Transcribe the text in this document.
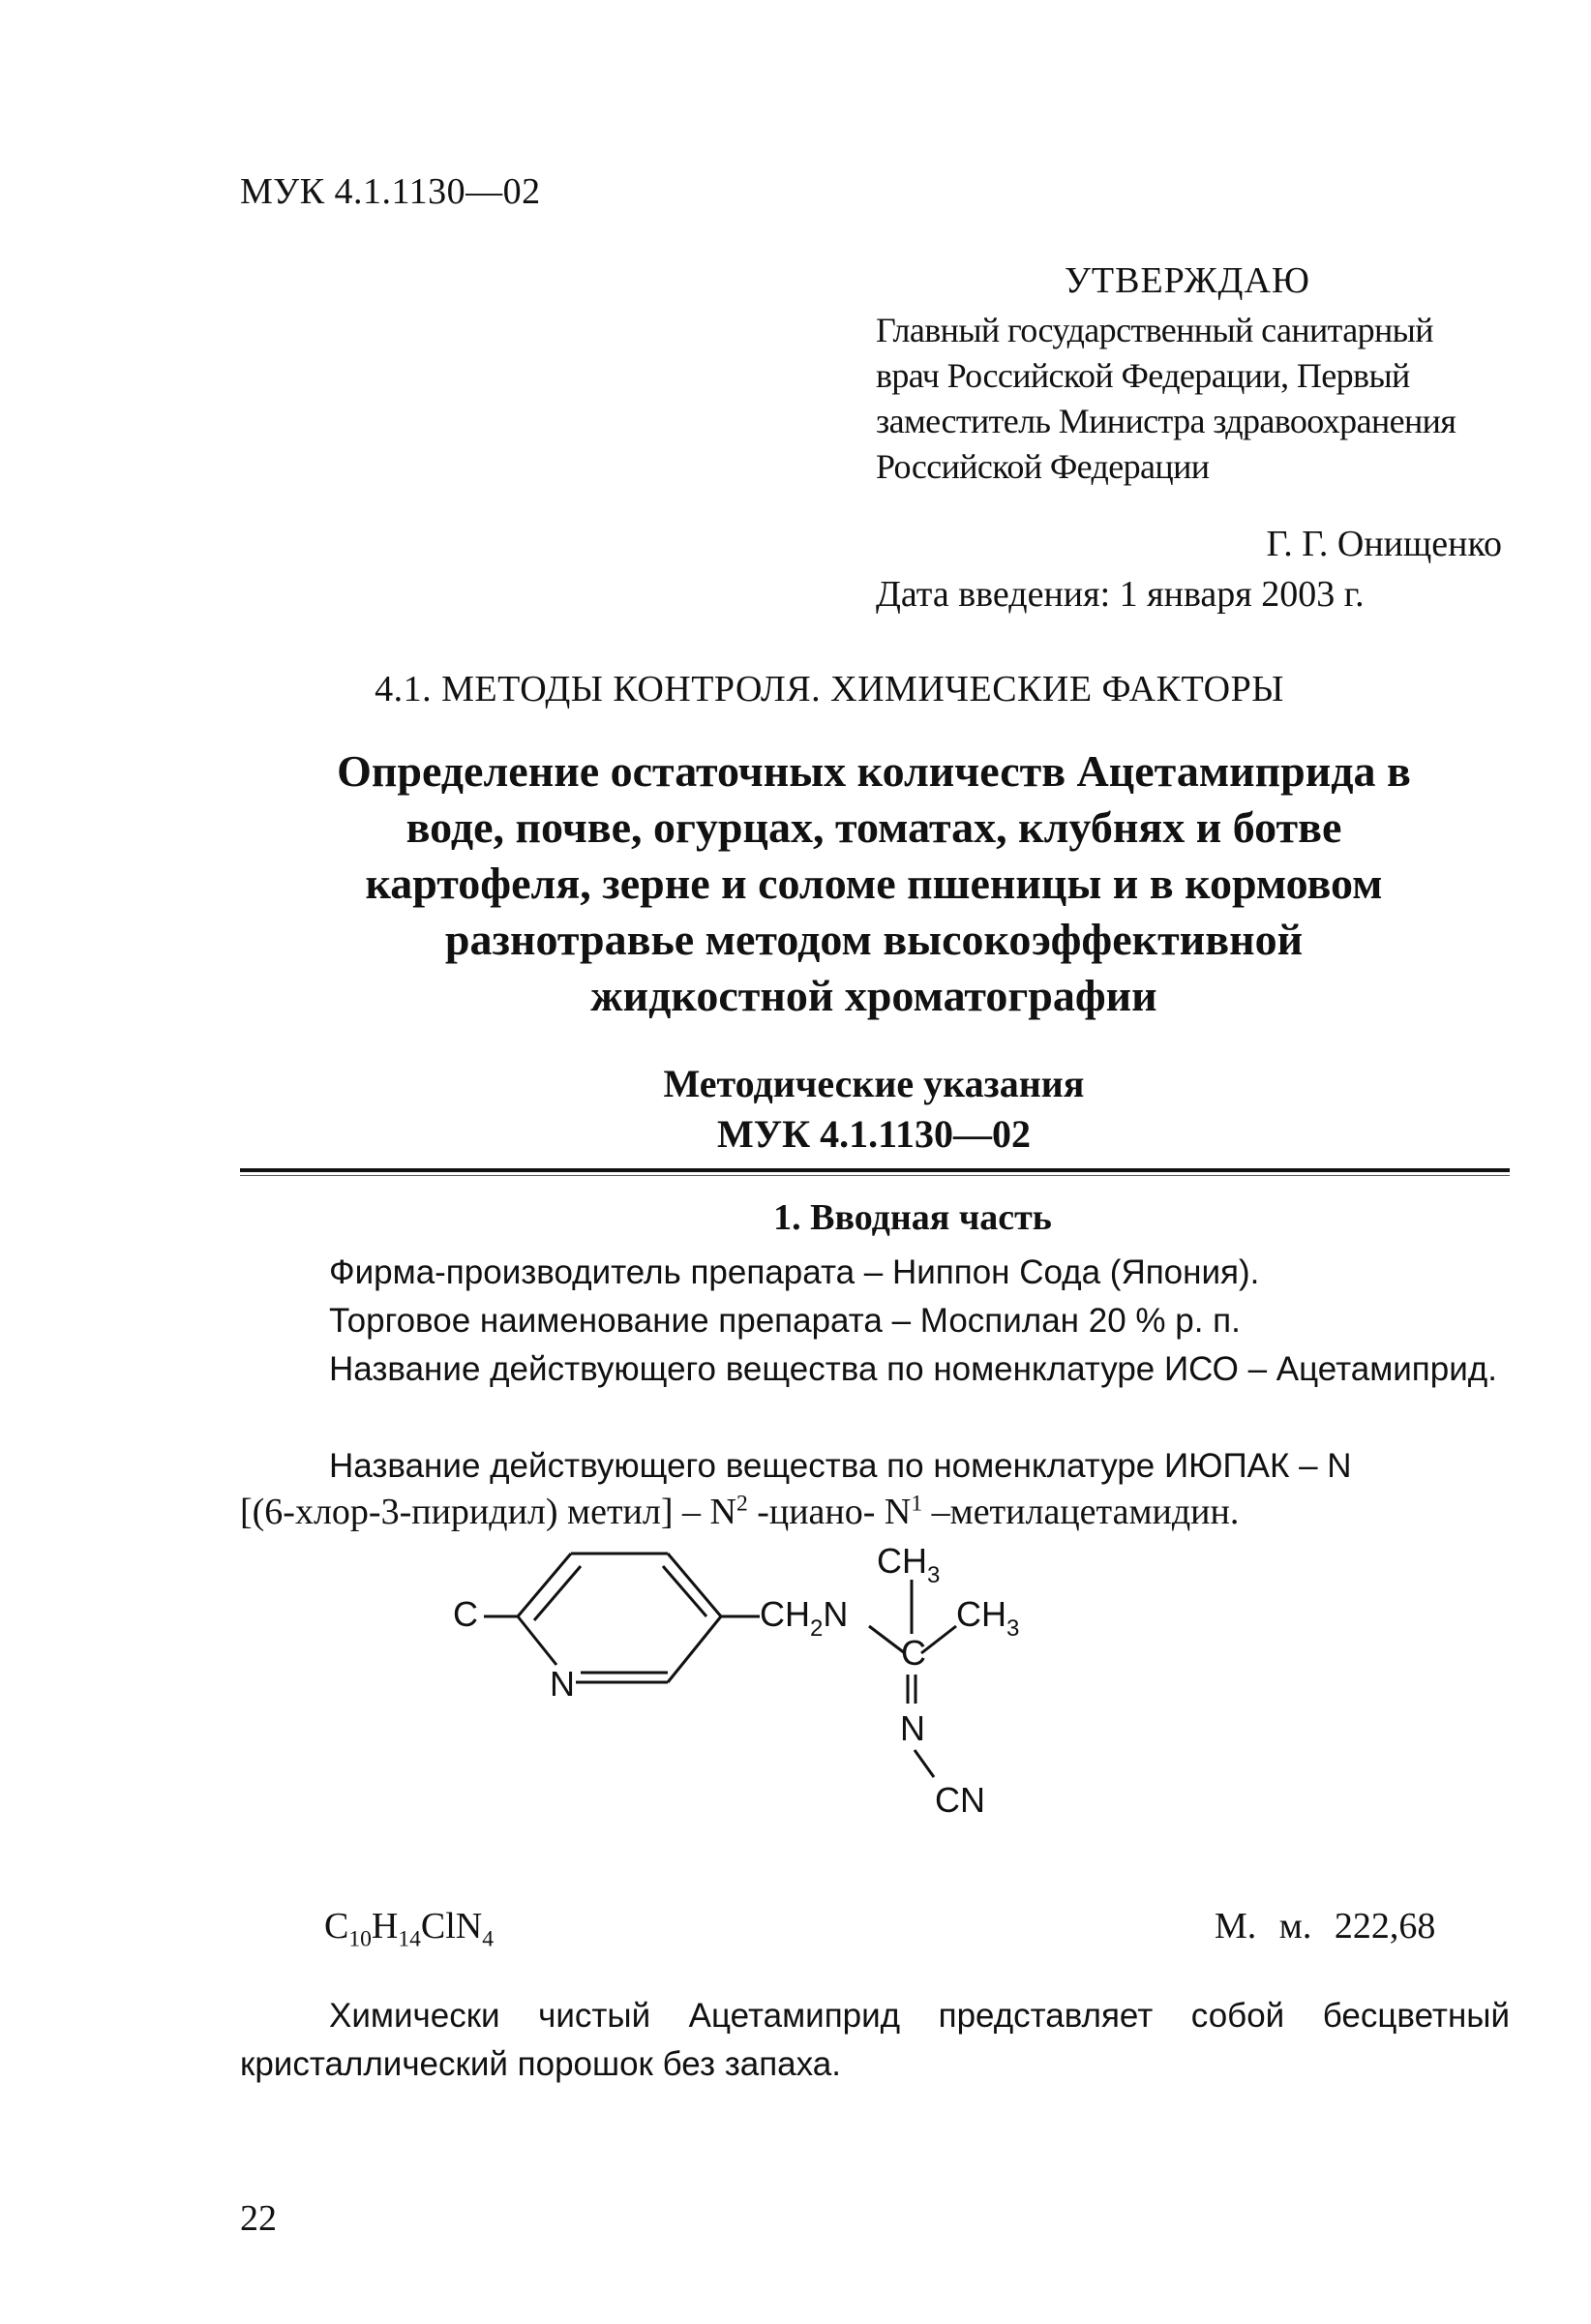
МУК 4.1.1130—02
УТВЕРЖДАЮ
Главный государственный санитарный
врач Российской Федерации, Первый
заместитель Министра здравоохранения
Российской Федерации
Г. Г. Онищенко
Дата введения: 1 января 2003 г.
4.1. МЕТОДЫ КОНТРОЛЯ. ХИМИЧЕСКИЕ ФАКТОРЫ
Определение остаточных количеств Ацетамиприда в
воде, почве, огурцах, томатах, клубнях и ботве
картофеля, зерне и соломе пшеницы и в кормовом
разнотравье методом высокоэффективной
жидкостной хроматографии
Методические указания
МУК 4.1.1130—02
1. Вводная часть
Фирма-производитель препарата – Ниппон Сода (Япония).
Торговое наименование препарата – Моспилан 20 % р. п.
Название действующего вещества по номенклатуре ИСО – Ацетамиприд.
Название действующего вещества по номенклатуре ИЮПАК – N
[(6-хлор-3-пиридил) метил] – $N^2$ -циано- $N^1$ –метилацетамидин.
C
N
$CH_2N$
$CH_3$
C
$CH_3$
N
CN
$C_{10}H_{14}ClN_4$	М. м. 222,68
Химически чистый Ацетамиприд представляет собой бесцветный кристаллический порошок без запаха.
22
